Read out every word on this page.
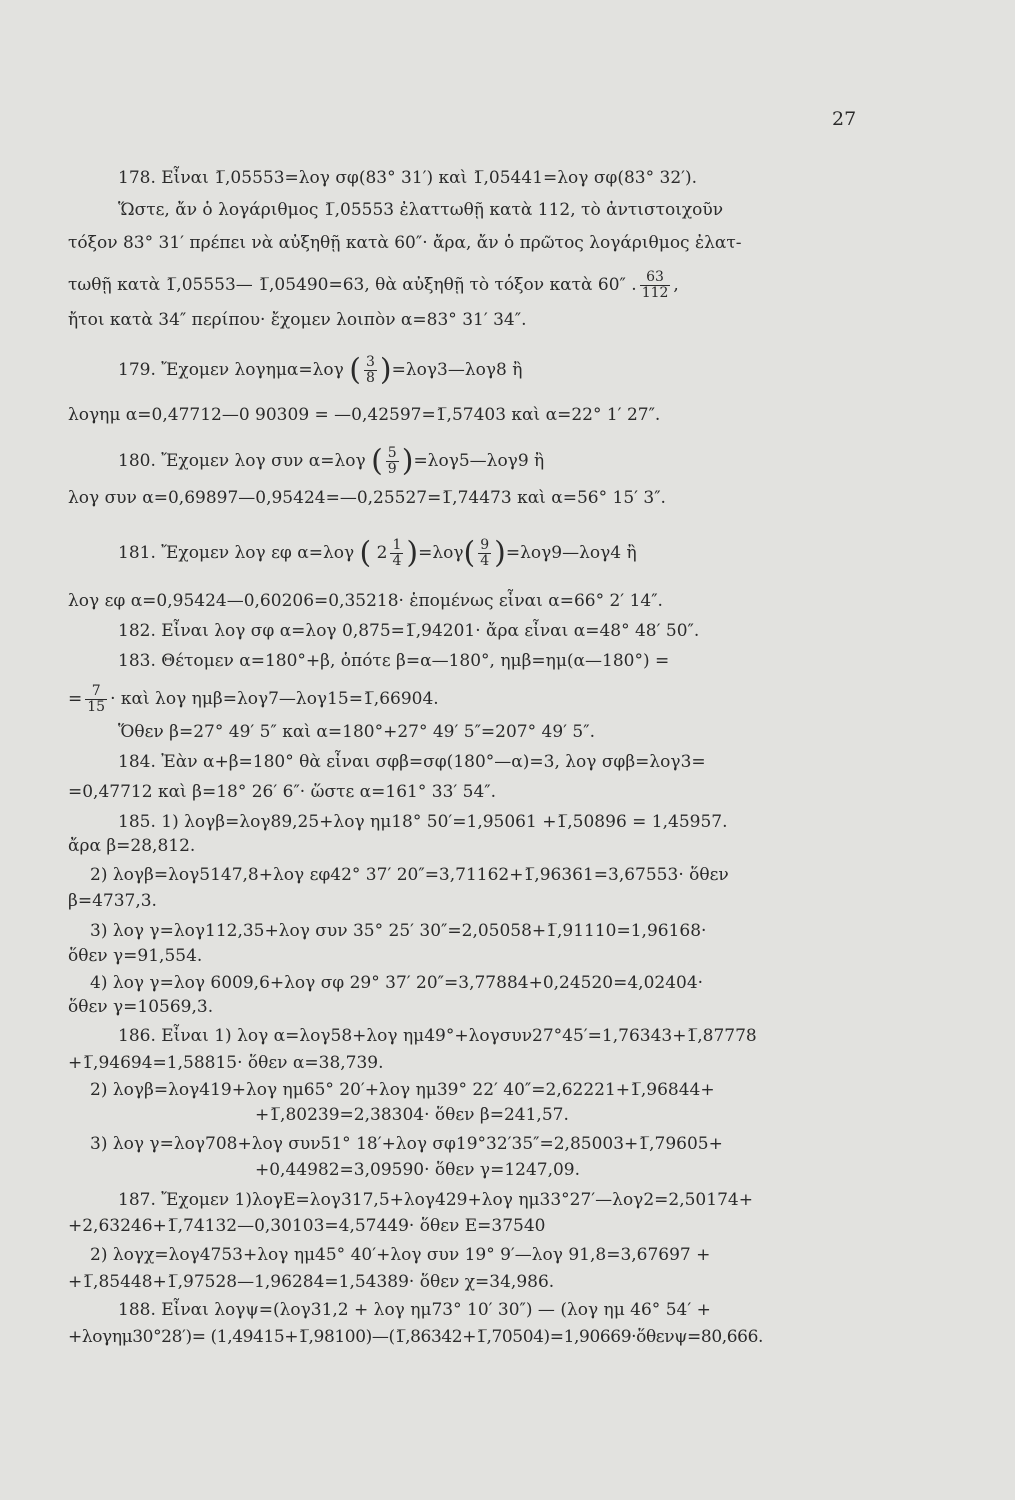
27
178. Εἶναι 1̅,05553=λογ σφ(83° 31′) καὶ 1̅,05441=λογ σφ(83° 32′).
Ὥστε, ἄν ὁ λογάριθμος 1̅,05553 ἐλαττωθῇ κατὰ 112, τὸ ἀντιστοιχοῦν
τόξον 83° 31′ πρέπει νὰ αὐξηθῇ κατὰ 60″· ἄρα, ἄν ὁ πρῶτος λογάριθμος ἐλατ-
τωθῇ κατὰ 1̅,05553— 1̅,05490=63, θὰ αὐξηθῇ τὸ τόξον κατὰ 60″ . $\frac{63}{112}$ ,
ἤτοι κατὰ 34″ περίπου· ἔχομεν λοιπὸν α=83° 31′ 34″.
179. Ἔχομεν λογημα=λογ ( $\frac{3}{8}$ )=λογ3—λογ8 ἢ
λογημ α=0,47712—0 90309 = —0,42597=1̅,57403 καὶ α=22° 1′ 27″.
180. Ἔχομεν λογ συν α=λογ ( $\frac{5}{9}$ )=λογ5—λογ9 ἢ
λογ συν α=0,69897—0,95424=—0,25527=1̅,74473 καὶ α=56° 15′ 3″.
181. Ἔχομεν λογ εφ α=λογ ( $2 \frac{1}{4} )=\lambda o\gamma( \frac{9}{4}$ )=λογ9—λογ4 ἢ
λογ εφ α=0,95424—0,60206=0,35218· ἑπομένως εἶναι α=66° 2′ 14″.
182. Εἶναι λογ σφ α=λογ 0,875=1̅,94201· ἄρα εἶναι α=48° 48′ 50″.
183. Θέτομεν α=180°+β, ὁπότε β=α—180°, ημβ=ημ(α—180°) =
= $\frac{7}{15}$ · καὶ λογ ημβ=λογ7—λογ15=1̅,66904.
Ὅθεν β=27° 49′ 5″ καὶ α=180°+27° 49′ 5″=207° 49′ 5″.
184. Ἐὰν α+β=180° θὰ εἶναι σφβ=σφ(180°—α)=3, λογ σφβ=λογ3=
=0,47712 καὶ β=18° 26′ 6″· ὥστε α=161° 33′ 54″.
185. 1) λογβ=λογ89,25+λογ ημ18° 50′=1,95061 +1̅,50896 = 1,45957.
ἄρα β=28,812.
2) λογβ=λογ5147,8+λογ εφ42° 37′ 20″=3,71162+1̅,96361=3,67553· ὅθεν
β=4737,3.
3) λογ γ=λογ112,35+λογ συν 35° 25′ 30″=2,05058+1̅,91110=1,96168·
ὅθεν γ=91,554.
4) λογ γ=λογ 6009,6+λογ σφ 29° 37′ 20″=3,77884+0,24520=4,02404·
ὅθεν γ=10569,3.
186. Εἶναι 1) λογ α=λογ58+λογ ημ49°+λογσυν27°45′=1,76343+1̅,87778
+1̅,94694=1,58815· ὅθεν α=38,739.
2) λογβ=λογ419+λογ ημ65° 20′+λογ ημ39° 22′ 40″=2,62221+1̅,96844+
+1̅,80239=2,38304· ὅθεν β=241,57.
3) λογ γ=λογ708+λογ συν51° 18′+λογ σφ19°32′35″=2,85003+1̅,79605+
+0,44982=3,09590· ὅθεν γ=1247,09.
187. Ἔχομεν 1)λογΕ=λογ317,5+λογ429+λογ ημ33°27′—λογ2=2,50174+
+2,63246+1̅,74132—0,30103=4,57449· ὅθεν Ε=37540
2) λογχ=λογ4753+λογ ημ45° 40′+λογ συν 19° 9′—λογ 91,8=3,67697 +
+1̅,85448+1̅,97528—1,96284=1,54389· ὅθεν χ=34,986.
188. Εἶναι λογψ=(λογ31,2 + λογ ημ73° 10′ 30″) — (λογ ημ 46° 54′ +
+λογημ30°28′)= (1,49415+1̅,98100)—(1̅,86342+1̅,70504)=1,90669·ὅθενψ=80,666.
